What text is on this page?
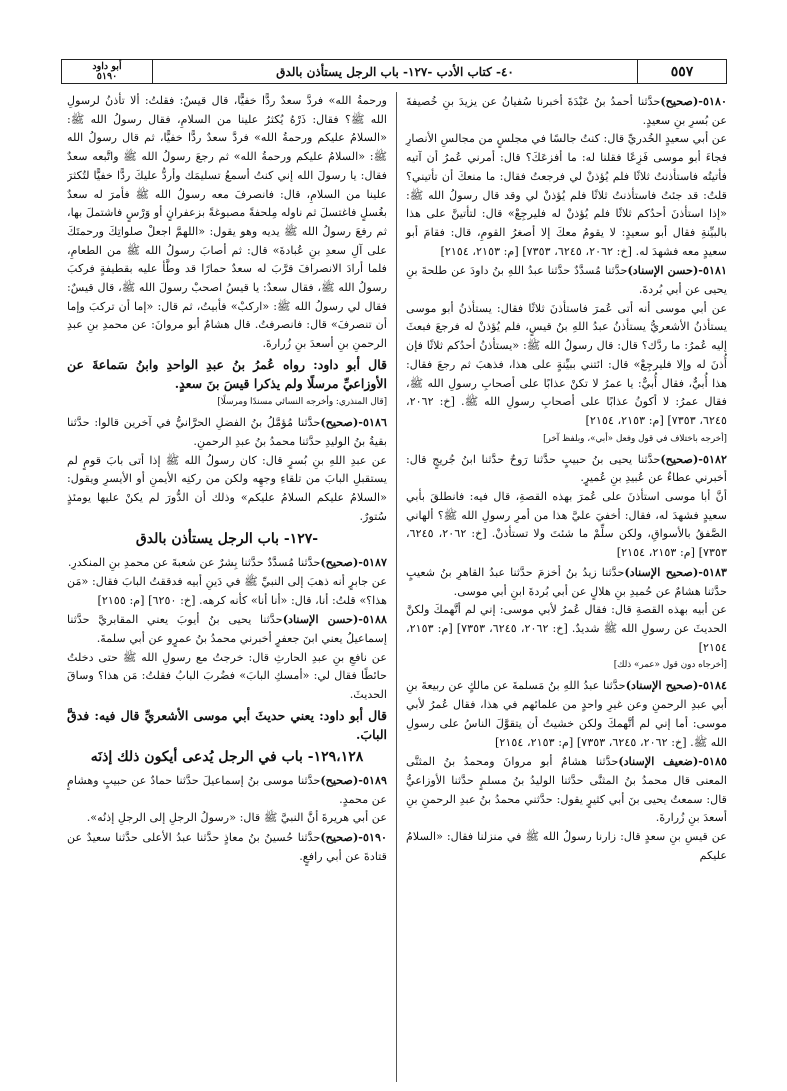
٥٥٧
٤٠- كتاب الأدب -١٢٧- باب الرجل يستأذن بالدق
أبو داود
٥١٩٠

٥١٨٠-(صحيح)حدَّثنا أحمدُ بنُ عَبْدَةَ أخبرنا سُفيانُ عن يزيدَ بنِ خُصيفةَ عن بُسرِ بنِ سعيدٍ.

عن أبي سعيدٍ الخُدريِّ قال: كنتُ جالسًا في مجلسٍ من مجالسِ الأنصارِ فجاءَ أبو موسى فَزِعًا فقلنا له: ما أفزعَكَ؟ قال: أمرني عُمرُ أن آتيه فأتيتُه فاستأذنتُ ثلاثًا فلم يُؤذنْ لي فرجعتُ فقال: ما منعكَ أن تأتيني؟ قلتُ: قد جئتُ فاستأذنتُ ثلاثًا فلم يُؤذنْ لي وقد قال رسولُ الله ﷺ: «إذا استأذنَ أحدُكم ثلاثًا فلم يُؤذنْ له فليرجِعْ» قال: لتأتينَّ على هذا بالبيِّنةِ فقال أبو سعيدٍ: لا يقومُ معكَ إلا أصغرُ القومِ، قال: فقامَ أبو سعيدٍ معه فشهدَ له. [خ: ٢٠٦٢، ٦٢٤٥، ٧٣٥٣] [م: ٢١٥٣، ٢١٥٤]

٥١٨١-(حسن الإسناد)حدَّثنا مُسدَّدٌ حدَّثنا عبدُ اللهِ بنُ داودَ عن طلحةَ بنِ يحيى عن أبي بُردةَ.

عن أبي موسى أنه أتى عُمرَ فاستأذنَ ثلاثًا فقال: يستأذنُ أبو موسى يستأذنُ الأشعريُّ يستأذنُ عبدُ اللهِ بنُ قيسٍ، فلم يُؤذنْ له فرجعَ فبعثَ إليه عُمرُ: ما ردَّك؟ قال: قال رسولُ الله ﷺ: «يستأذنُ أحدُكم ثلاثًا فإن أُذنَ له وإلا فليرجِعْ» قال: ائتني ببيِّنةٍ على هذا، فذهبَ ثم رجعَ فقال: هذا أُبيٌّ، فقال أُبيٌّ: يا عمرُ لا تكنْ عذابًا على أصحابِ رسولِ الله ﷺ، فقال عمرُ: لا أكونُ عذابًا على أصحابِ رسولِ الله ﷺ. [خ: ٢٠٦٢، ٦٢٤٥، ٧٣٥٣] [م: ٢١٥٣، ٢١٥٤]

[أخرجه باختلاف في قول وفعل «أبي»، وبلفظ آخر]

٥١٨٢-(صحيح)حدَّثنا يحيى بنُ حبيبٍ حدَّثنا رَوحٌ حدَّثنا ابنُ جُريجٍ قال: أخبرني عطاءٌ عن عُبيدِ بنِ عُميرٍ.

أنَّ أبا موسى استأذنَ على عُمرَ بهذه القصةِ، قال فيه: فانطلقَ بأبي سعيدٍ فشهدَ له، فقال: أخفيَ عليَّ هذا من أمرِ رسولِ الله ﷺ؟ ألهاني الصَّفقُ بالأسواقِ، ولكن سلِّمْ ما شئتَ ولا تستأذنْ. [خ: ٢٠٦٢، ٦٢٤٥، ٧٣٥٣] [م: ٢١٥٣، ٢١٥٤]

٥١٨٣-(صحيح الإسناد)حدَّثنا زيدُ بنُ أخزمَ حدَّثنا عبدُ القاهرِ بنُ شعيبٍ حدَّثنا هشامٌ عن حُميدِ بنِ هلالٍ عن أبي بُردةَ ابنِ أبي موسى.

عن أبيه بهذه القصةِ قال: فقال عُمرُ لأبي موسى: إني لم أتَّهمكَ ولكنَّ الحديثَ عن رسولِ الله ﷺ شديدٌ. [خ: ٢٠٦٢، ٦٢٤٥، ٧٣٥٣] [م: ٢١٥٣، ٢١٥٤]

[أخرجاه دون قول «عمر» ذلك]

٥١٨٤-(صحيح الإسناد)حدَّثنا عبدُ اللهِ بنُ مَسلمةَ عن مالكٍ عن ربيعةَ بنِ أبي عبدِ الرحمنِ وعن غيرِ واحدٍ من علمائهم في هذا، فقال عُمرُ لأبي موسى: أما إني لم أتَّهمكَ ولكن خشيتُ أن يتقوَّلَ الناسُ على رسولِ الله ﷺ. [خ: ٢٠٦٢، ٦٢٤٥، ٧٣٥٣] [م: ٢١٥٣، ٢١٥٤]

٥١٨٥-(ضعيف الإسناد)حدَّثنا هشامٌ أبو مروانَ ومحمدُ بنُ المثنَّى المعنى قال محمدُ بنُ المثنَّى حدَّثنا الوليدُ بنُ مسلمٍ حدَّثنا الأوزاعيُّ قال: سمعتُ يحيى بنَ أبي كثيرٍ يقول: حدَّثني محمدُ بنُ عبدِ الرحمنِ بنِ أسعدَ بنِ زُرارةَ.

عن قيسِ بنِ سعدٍ قال: زارنا رسولُ الله ﷺ في منزلنا فقال: «السلامُ عليكم

ورحمةُ الله» فردَّ سعدٌ ردًّا خفيًّا، قال قيسٌ: فقلتُ: ألا تأذنُ لرسولِ الله ﷺ؟ فقال: ذَرْهُ يُكثرُ علينا من السلامِ، فقال رسولُ الله ﷺ: «السلامُ عليكم ورحمةُ الله» فردَّ سعدٌ ردًّا خفيًّا، ثم قال رسولُ الله ﷺ: «السلامُ عليكم ورحمةُ الله» ثم رجعَ رسولُ الله ﷺ واتَّبعه سعدٌ فقال: يا رسولَ الله إني كنتُ أسمعُ تسليمَك وأردُّ عليكَ ردًّا خفيًّا لتُكثرَ علينا من السلامِ، قال: فانصرفَ معه رسولُ الله ﷺ فأمرَ له سعدٌ بغُسلٍ فاغتسلَ ثم ناوله مِلحفةً مصبوغةً بزعفرانٍ أو وَرْسٍ فاشتملَ بها، ثم رفعَ رسولُ الله ﷺ يديه وهو يقول: «اللهمَّ اجعلْ صلواتِكَ ورحمتَكَ على آلِ سعدِ بنِ عُبادةَ» قال: ثم أصابَ رسولُ الله ﷺ من الطعامِ، فلما أرادَ الانصرافَ قرَّبَ له سعدٌ حمارًا قد وطَّأ عليه بقطيفةٍ فركبَ رسولُ الله ﷺ، فقال سعدٌ: يا قيسُ اصحبْ رسولَ الله ﷺ، قال قيسٌ: فقال لي رسولُ الله ﷺ: «اركبْ» فأبيتُ، ثم قال: «إما أن تركبَ وإما أن تنصرفَ» قال: فانصرفتُ. قال هشامٌ أبو مروانَ: عن محمدِ بنِ عبدِ الرحمنِ بنِ أسعدَ بنِ زُرارةَ.

قال أبو داود: رواه عُمرُ بنُ عبدِ الواحدِ وابنُ سَماعةَ عن الأوزاعيِّ مرسلًا ولم يذكرا قيسَ بنَ سعدٍ.

[قال المنذري: وأخرجه النسائي مسندًا ومرسلًا]

٥١٨٦-(صحيح)حدَّثنا مُؤمَّلُ بنُ الفضلِ الحرَّانيُّ في آخرين قالوا: حدَّثنا بقيةُ بنُ الوليدِ حدَّثنا محمدُ بنُ عبدِ الرحمنِ.

عن عبدِ اللهِ بنِ بُسرٍ قال: كان رسولُ الله ﷺ إذا أتى بابَ قومٍ لم يستقبلِ البابَ من تلقاءِ وجهِه ولكن من ركنِه الأيمنِ أو الأيسرِ ويقول: «السلامُ عليكم السلامُ عليكم» وذلك أن الدُّورَ لم يكنْ عليها يومئذٍ سُتورٌ.

-١٢٧- باب الرجل يستأذن بالدق

٥١٨٧-(صحيح)حدَّثنا مُسدَّدٌ حدَّثنا بِشرٌ عن شعبةَ عن محمدِ بنِ المنكدرِ.

عن جابرٍ أنه ذهبَ إلى النبيِّ ﷺ في دَينِ أبيه فدققتُ البابَ فقال: «مَن هذا؟» قلتُ: أنا، قال: «أنا أنا» كأنه كرهه. [خ: ٦٢٥٠] [م: ٢١٥٥]

٥١٨٨-(حسن الإسناد)حدَّثنا يحيى بنُ أيوبَ يعني المقابريَّ حدَّثنا إسماعيلُ يعني ابنَ جعفرٍ أخبرني محمدُ بنُ عمرٍو عن أبي سلمةَ.

عن نافعِ بنِ عبدِ الحارثِ قال: خرجتُ مع رسولِ الله ﷺ حتى دخلتُ حائطًا فقال لي: «أمسكِ البابَ» فضُربَ البابُ فقلتُ: مَن هذا؟ وساقَ الحديثَ.

قال أبو داود: يعني حديثَ أبي موسى الأشعريِّ قال فيه: فدقَّ البابَ.

١٢٩،١٢٨- باب في الرجل يُدعى أيكون ذلك إذنَه

٥١٨٩-(صحيح)حدَّثنا موسى بنُ إسماعيلَ حدَّثنا حمادٌ عن حبيبٍ وهشامٍ عن محمدٍ.

عن أبي هريرةَ أنَّ النبيَّ ﷺ قال: «رسولُ الرجلِ إلى الرجلِ إذنُه».

٥١٩٠-(صحيح)حدَّثنا حُسينُ بنُ معاذٍ حدَّثنا عبدُ الأعلى حدَّثنا سعيدٌ عن قتادةَ عن أبي رافعٍ.
